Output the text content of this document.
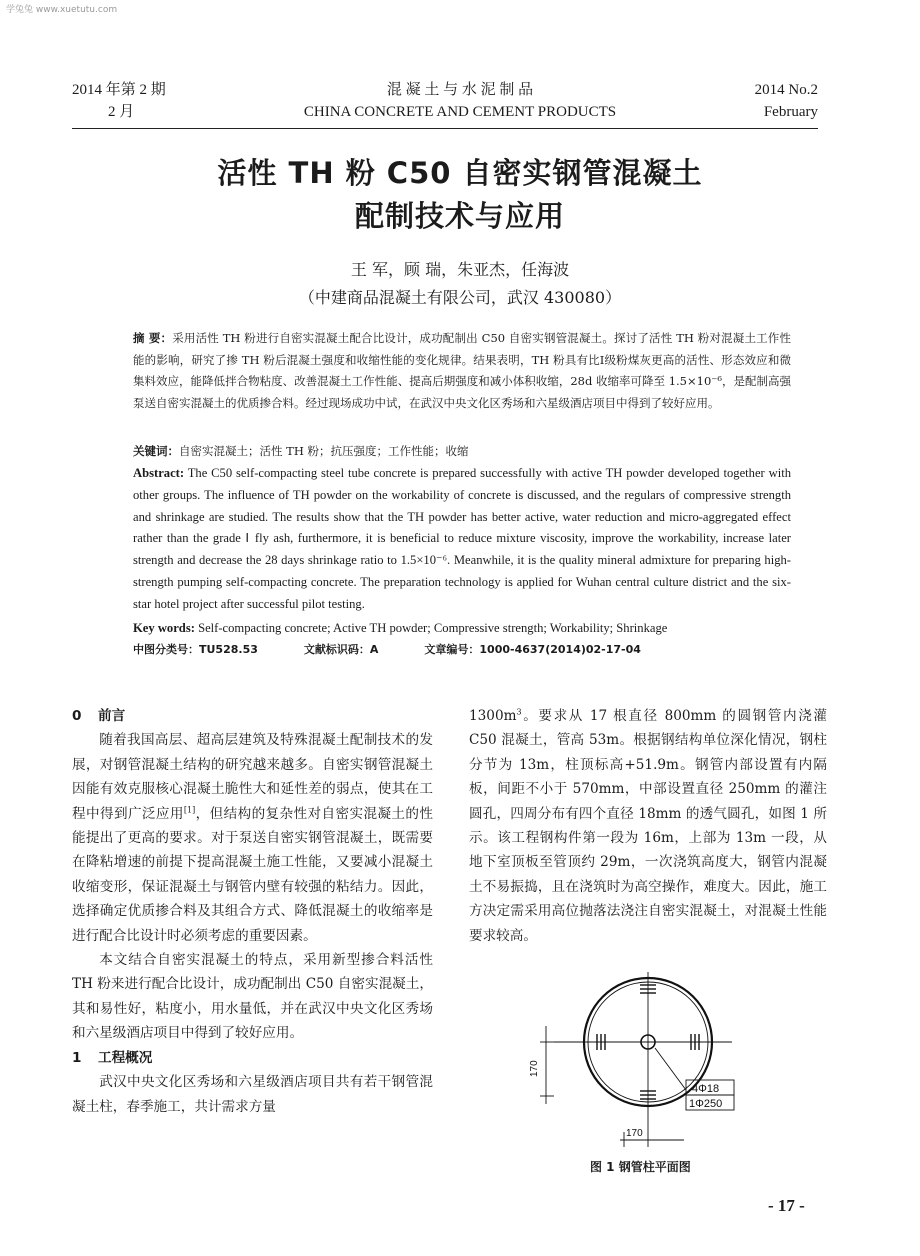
学兔兔 www.xuetutu.com
2014 年第 2 期
2 月
混 凝 土 与 水 泥 制 品
CHINA CONCRETE AND CEMENT PRODUCTS
2014 No.2
February
活性 TH 粉 C50 自密实钢管混凝土
配制技术与应用
王 军，顾 瑞，朱亚杰，任海波
（中建商品混凝土有限公司，武汉 430080）
摘 要：采用活性 TH 粉进行自密实混凝土配合比设计，成功配制出 C50 自密实钢管混凝土。探讨了活性 TH 粉对混凝土工作性能的影响，研究了掺 TH 粉后混凝土强度和收缩性能的变化规律。结果表明，TH 粉具有比Ⅰ级粉煤灰更高的活性、形态效应和微集料效应，能降低拌合物粘度、改善混凝土工作性能、提高后期强度和减小体积收缩，28d 收缩率可降至 1.5×10⁻⁶，是配制高强泵送自密实混凝土的优质掺合料。经过现场成功中试，在武汉中央文化区秀场和六星级酒店项目中得到了较好应用。
关键词：自密实混凝土；活性 TH 粉；抗压强度；工作性能；收缩
Abstract: The C50 self-compacting steel tube concrete is prepared successfully with active TH powder developed together with other groups. The influence of TH powder on the workability of concrete is discussed, and the regulars of compressive strength and shrinkage are studied. The results show that the TH powder has better active, water reduction and micro-aggregated effect rather than the grade Ⅰ fly ash, furthermore, it is beneficial to reduce mixture viscosity, improve the workability, increase later strength and decrease the 28 days shrinkage ratio to 1.5×10⁻⁶. Meanwhile, it is the quality mineral admixture for preparing high-strength pumping self-compacting concrete. The preparation technology is applied for Wuhan central culture district and the six-star hotel project after successful pilot testing.
Key words: Self-compacting concrete; Active TH powder; Compressive strength; Workability; Shrinkage
中图分类号：TU528.53	文献标识码：A	文章编号：1000-4637(2014)02-17-04

0 前言

随着我国高层、超高层建筑及特殊混凝土配制技术的发展，对钢管混凝土结构的研究越来越多。自密实钢管混凝土因能有效克服核心混凝土脆性大和延性差的弱点，使其在工程中得到广泛应用[1]，但结构的复杂性对自密实混凝土的性能提出了更高的要求。对于泵送自密实钢管混凝土，既需要在降粘增速的前提下提高混凝土施工性能，又要减小混凝土收缩变形，保证混凝土与钢管内壁有较强的粘结力。因此，选择确定优质掺合料及其组合方式、降低混凝土的收缩率是进行配合比设计时必须考虑的重要因素。

本文结合自密实混凝土的特点，采用新型掺合料活性 TH 粉来进行配合比设计，成功配制出 C50 自密实混凝土，其和易性好，粘度小，用水量低，并在武汉中央文化区秀场和六星级酒店项目中得到了较好应用。

1 工程概况

武汉中央文化区秀场和六星级酒店项目共有若干钢管混凝土柱，春季施工，共计需求方量

$1300m^3$。要求从 17 根直径 800mm 的圆钢管内浇灌 C50 混凝土，管高 53m。根据钢结构单位深化情况，钢柱分节为 13m，柱顶标高+51.9m。钢管内部设置有内隔板，间距不小于 570mm，中部设置直径 250mm 的灌注圆孔，四周分布有四个直径 18mm 的透气圆孔，如图 1 所示。该工程钢构件第一段为 16m，上部为 13m 一段，从地下室顶板至管顶约 29m，一次浇筑高度大，钢管内混凝土不易振捣，且在浇筑时为高空操作，难度大。因此，施工方决定需采用高位抛落法浇注自密实混凝土，对混凝土性能要求较高。

4Φ18
1Φ250
170
170
图 1 钢管柱平面图
- 17 -
